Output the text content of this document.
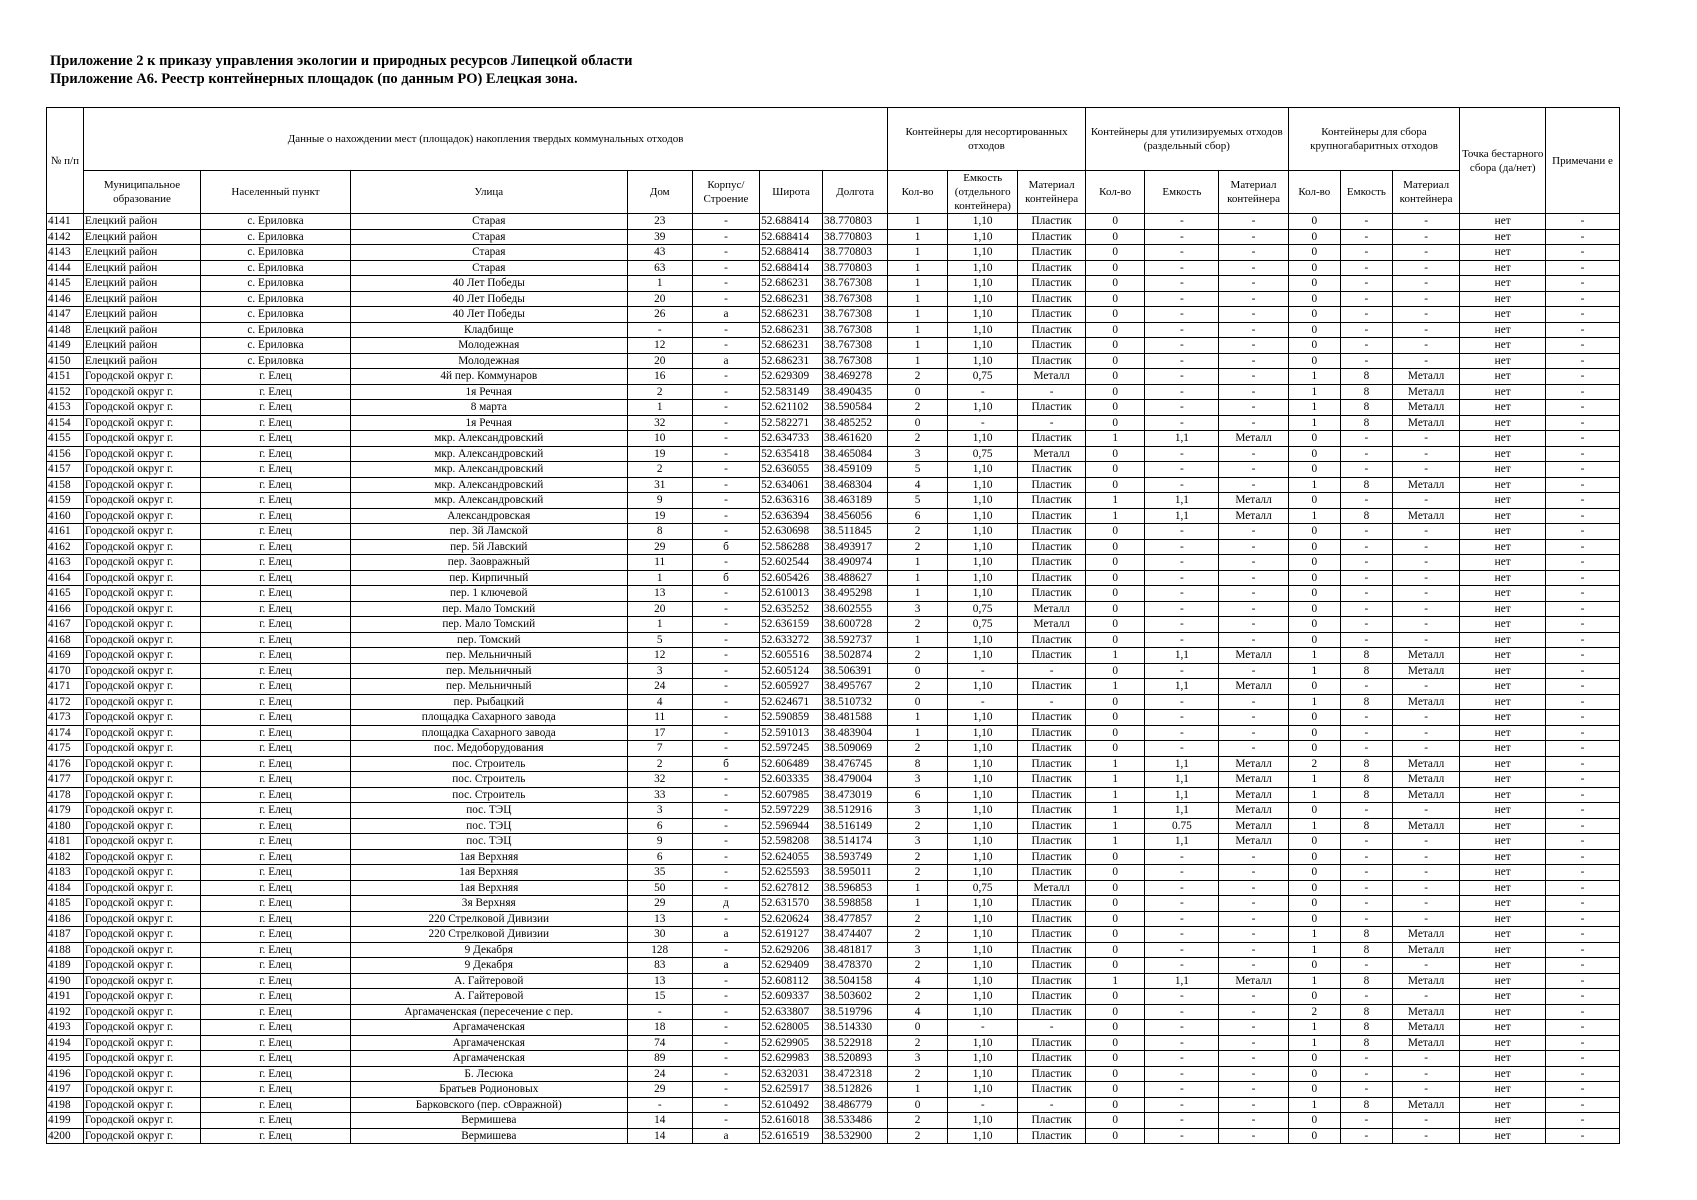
Приложение 2 к приказу управления экологии и природных ресурсов Липецкой области
Приложение А6. Реестр контейнерных площадок (по данным РО) Елецкая зона.
№ п/п	Данные о нахождении мест (площадок) накопления твердых коммунальных отходов							Контейнеры для несортированных отходов			Контейнеры для утилизируемых отходов (раздельный сбор)			Контейнеры для сбора крупногабаритных отходов			Точка бестарного сбора (да/нет)	Примечани е
	Муниципальное образование	Населенный пункт	Улица	Дом	Корпус/ Строение	Широта	Долгота	Кол-во	Емкость (отдельного контейнера)	Материал контейнера	Кол-во	Емкость	Материал контейнера	Кол-во	Емкость	Материал контейнера		
4141	Елецкий район	с. Ериловка	Старая	23	-	52.688414	38.770803	1	1,10	Пластик	0	-	-	0	-	-	нет	-
4142	Елецкий район	с. Ериловка	Старая	39	-	52.688414	38.770803	1	1,10	Пластик	0	-	-	0	-	-	нет	-
4143	Елецкий район	с. Ериловка	Старая	43	-	52.688414	38.770803	1	1,10	Пластик	0	-	-	0	-	-	нет	-
4144	Елецкий район	с. Ериловка	Старая	63	-	52.688414	38.770803	1	1,10	Пластик	0	-	-	0	-	-	нет	-
4145	Елецкий район	с. Ериловка	40 Лет Победы	1	-	52.686231	38.767308	1	1,10	Пластик	0	-	-	0	-	-	нет	-
4146	Елецкий район	с. Ериловка	40 Лет Победы	20	-	52.686231	38.767308	1	1,10	Пластик	0	-	-	0	-	-	нет	-
4147	Елецкий район	с. Ериловка	40 Лет Победы	26	а	52.686231	38.767308	1	1,10	Пластик	0	-	-	0	-	-	нет	-
4148	Елецкий район	с. Ериловка	Кладбище	-	-	52.686231	38.767308	1	1,10	Пластик	0	-	-	0	-	-	нет	-
4149	Елецкий район	с. Ериловка	Молодежная	12	-	52.686231	38.767308	1	1,10	Пластик	0	-	-	0	-	-	нет	-
4150	Елецкий район	с. Ериловка	Молодежная	20	а	52.686231	38.767308	1	1,10	Пластик	0	-	-	0	-	-	нет	-
4151	Городской округ г.	г. Елец	4й пер. Коммунаров	16	-	52.629309	38.469278	2	0,75	Металл	0	-	-	1	8	Металл	нет	-
4152	Городской округ г.	г. Елец	1я Речная	2	-	52.583149	38.490435	0	-	-	0	-	-	1	8	Металл	нет	-
4153	Городской округ г.	г. Елец	8 марта	1	-	52.621102	38.590584	2	1,10	Пластик	0	-	-	1	8	Металл	нет	-
4154	Городской округ г.	г. Елец	1я Речная	32	-	52.582271	38.485252	0	-	-	0	-	-	1	8	Металл	нет	-
4155	Городской округ г.	г. Елец	мкр. Александровский	10	-	52.634733	38.461620	2	1,10	Пластик	1	1,1	Металл	0	-	-	нет	-
4156	Городской округ г.	г. Елец	мкр. Александровский	19	-	52.635418	38.465084	3	0,75	Металл	0	-	-	0	-	-	нет	-
4157	Городской округ г.	г. Елец	мкр. Александровский	2	-	52.636055	38.459109	5	1,10	Пластик	0	-	-	0	-	-	нет	-
4158	Городской округ г.	г. Елец	мкр. Александровский	31	-	52.634061	38.468304	4	1,10	Пластик	0	-	-	1	8	Металл	нет	-
4159	Городской округ г.	г. Елец	мкр. Александровский	9	-	52.636316	38.463189	5	1,10	Пластик	1	1,1	Металл	0	-	-	нет	-
4160	Городской округ г.	г. Елец	Александровская	19	-	52.636394	38.456056	6	1,10	Пластик	1	1,1	Металл	1	8	Металл	нет	-
4161	Городской округ г.	г. Елец	пер. 3й Ламской	8	-	52.630698	38.511845	2	1,10	Пластик	0	-	-	0	-	-	нет	-
4162	Городской округ г.	г. Елец	пер. 5й Лавский	29	б	52.586288	38.493917	2	1,10	Пластик	0	-	-	0	-	-	нет	-
4163	Городской округ г.	г. Елец	пер. Заовражный	11	-	52.602544	38.490974	1	1,10	Пластик	0	-	-	0	-	-	нет	-
4164	Городской округ г.	г. Елец	пер. Кирпичный	1	б	52.605426	38.488627	1	1,10	Пластик	0	-	-	0	-	-	нет	-
4165	Городской округ г.	г. Елец	пер. 1 ключевой	13	-	52.610013	38.495298	1	1,10	Пластик	0	-	-	0	-	-	нет	-
4166	Городской округ г.	г. Елец	пер. Мало Томский	20	-	52.635252	38.602555	3	0,75	Металл	0	-	-	0	-	-	нет	-
4167	Городской округ г.	г. Елец	пер. Мало Томский	1	-	52.636159	38.600728	2	0,75	Металл	0	-	-	0	-	-	нет	-
4168	Городской округ г.	г. Елец	пер. Томский	5	-	52.633272	38.592737	1	1,10	Пластик	0	-	-	0	-	-	нет	-
4169	Городской округ г.	г. Елец	пер. Мельничный	12	-	52.605516	38.502874	2	1,10	Пластик	1	1,1	Металл	1	8	Металл	нет	-
4170	Городской округ г.	г. Елец	пер. Мельничный	3	-	52.605124	38.506391	0	-	-	0	-	-	1	8	Металл	нет	-
4171	Городской округ г.	г. Елец	пер. Мельничный	24	-	52.605927	38.495767	2	1,10	Пластик	1	1,1	Металл	0	-	-	нет	-
4172	Городской округ г.	г. Елец	пер. Рыбацкий	4	-	52.624671	38.510732	0	-	-	0	-	-	1	8	Металл	нет	-
4173	Городской округ г.	г. Елец	площадка Сахарного завода	11	-	52.590859	38.481588	1	1,10	Пластик	0	-	-	0	-	-	нет	-
4174	Городской округ г.	г. Елец	площадка Сахарного завода	17	-	52.591013	38.483904	1	1,10	Пластик	0	-	-	0	-	-	нет	-
4175	Городской округ г.	г. Елец	пос. Медоборудования	7	-	52.597245	38.509069	2	1,10	Пластик	0	-	-	0	-	-	нет	-
4176	Городской округ г.	г. Елец	пос. Строитель	2	б	52.606489	38.476745	8	1,10	Пластик	1	1,1	Металл	2	8	Металл	нет	-
4177	Городской округ г.	г. Елец	пос. Строитель	32	-	52.603335	38.479004	3	1,10	Пластик	1	1,1	Металл	1	8	Металл	нет	-
4178	Городской округ г.	г. Елец	пос. Строитель	33	-	52.607985	38.473019	6	1,10	Пластик	1	1,1	Металл	1	8	Металл	нет	-
4179	Городской округ г.	г. Елец	пос. ТЭЦ	3	-	52.597229	38.512916	3	1,10	Пластик	1	1,1	Металл	0	-	-	нет	-
4180	Городской округ г.	г. Елец	пос. ТЭЦ	6	-	52.596944	38.516149	2	1,10	Пластик	1	0.75	Металл	1	8	Металл	нет	-
4181	Городской округ г.	г. Елец	пос. ТЭЦ	9	-	52.598208	38.514174	3	1,10	Пластик	1	1,1	Металл	0	-	-	нет	-
4182	Городской округ г.	г. Елец	1ая Верхняя	6	-	52.624055	38.593749	2	1,10	Пластик	0	-	-	0	-	-	нет	-
4183	Городской округ г.	г. Елец	1ая Верхняя	35	-	52.625593	38.595011	2	1,10	Пластик	0	-	-	0	-	-	нет	-
4184	Городской округ г.	г. Елец	1ая Верхняя	50	-	52.627812	38.596853	1	0,75	Металл	0	-	-	0	-	-	нет	-
4185	Городской округ г.	г. Елец	3я Верхняя	29	д	52.631570	38.598858	1	1,10	Пластик	0	-	-	0	-	-	нет	-
4186	Городской округ г.	г. Елец	220 Стрелковой Дивизии	13	-	52.620624	38.477857	2	1,10	Пластик	0	-	-	0	-	-	нет	-
4187	Городской округ г.	г. Елец	220 Стрелковой Дивизии	30	а	52.619127	38.474407	2	1,10	Пластик	0	-	-	1	8	Металл	нет	-
4188	Городской округ г.	г. Елец	9 Декабря	128	-	52.629206	38.481817	3	1,10	Пластик	0	-	-	1	8	Металл	нет	-
4189	Городской округ г.	г. Елец	9 Декабря	83	а	52.629409	38.478370	2	1,10	Пластик	0	-	-	0	-	-	нет	-
4190	Городской округ г.	г. Елец	А. Гайтеровой	13	-	52.608112	38.504158	4	1,10	Пластик	1	1,1	Металл	1	8	Металл	нет	-
4191	Городской округ г.	г. Елец	А. Гайтеровой	15	-	52.609337	38.503602	2	1,10	Пластик	0	-	-	0	-	-	нет	-
4192	Городской округ г.	г. Елец	Аргамаченская (пересечение с пер.	-	-	52.633807	38.519796	4	1,10	Пластик	0	-	-	2	8	Металл	нет	-
4193	Городской округ г.	г. Елец	Аргамаченская	18	-	52.628005	38.514330	0	-	-	0	-	-	1	8	Металл	нет	-
4194	Городской округ г.	г. Елец	Аргамаченская	74	-	52.629905	38.522918	2	1,10	Пластик	0	-	-	1	8	Металл	нет	-
4195	Городской округ г.	г. Елец	Аргамаченская	89	-	52.629983	38.520893	3	1,10	Пластик	0	-	-	0	-	-	нет	-
4196	Городской округ г.	г. Елец	Б. Лесюка	24	-	52.632031	38.472318	2	1,10	Пластик	0	-	-	0	-	-	нет	-
4197	Городской округ г.	г. Елец	Братьев Родионовых	29	-	52.625917	38.512826	1	1,10	Пластик	0	-	-	0	-	-	нет	-
4198	Городской округ г.	г. Елец	Барковского (пер. сОвражной)	-	-	52.610492	38.486779	0	-	-	0	-	-	1	8	Металл	нет	-
4199	Городской округ г.	г. Елец	Вермишева	14	-	52.616018	38.533486	2	1,10	Пластик	0	-	-	0	-	-	нет	-
4200	Городской округ г.	г. Елец	Вермишева	14	а	52.616519	38.532900	2	1,10	Пластик	0	-	-	0	-	-	нет	-
